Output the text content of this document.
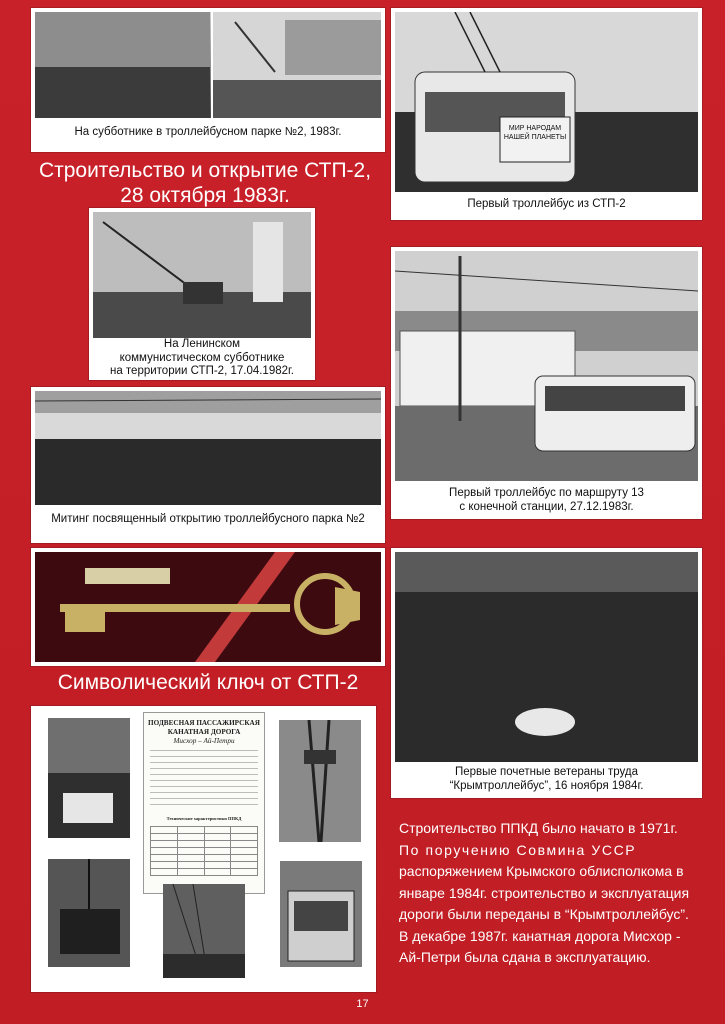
На субботнике в троллейбусном парке №2, 1983г.	МИР НАРОДАМ
НАШЕЙ ПЛАНЕТЫ
Первый троллейбус из СТП-2
Строительство и открытие СТП-2,
28 октября 1983г.
На Ленинском
коммунистическом субботнике
на территории СТП-2, 17.04.1982г.
Первый троллейбус по маршруту 13
с конечной станции, 27.12.1983г.
Митинг посвященный открытию троллейбусного парка №2
Символический ключ от СТП-2
Первые почетные ветераны труда
“Крымтроллейбус”, 16 ноября 1984г.
ПОДВЕСНАЯ ПАССАЖИРСКАЯ
КАНАТНАЯ ДОРОГА
Мисхор – Ай-Петри
Технические характеристики ППКД

Строительство ППКД было начато в 1971г.
По поручению Совмина УССР
распоряжением Крымского облисполкома в
январе 1984г. строительство и эксплуатация
дороги были переданы в “Крымтроллейбус”.
В декабре 1987г. канатная дорога Мисхор -
Ай-Петри была сдана в эксплуатацию.
17
